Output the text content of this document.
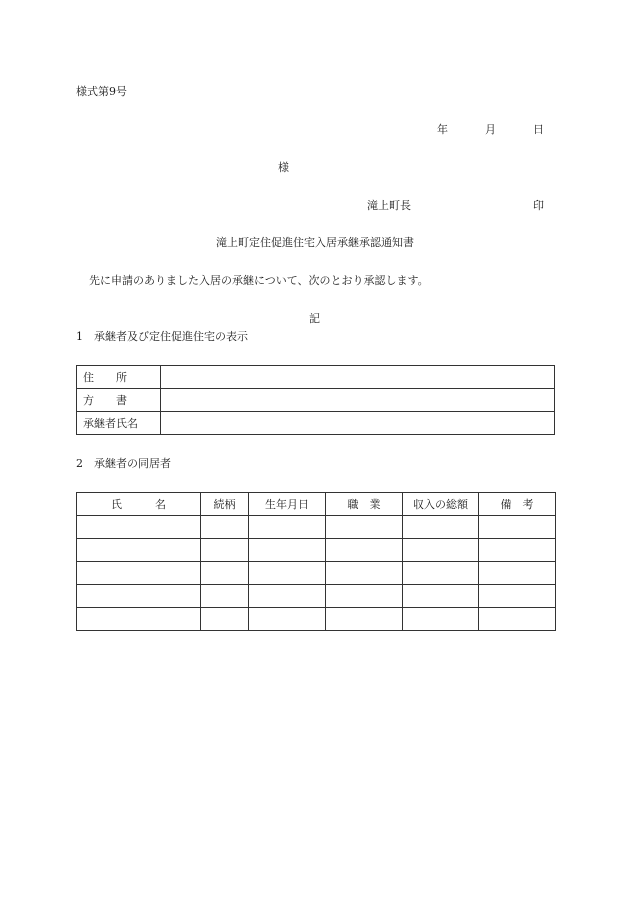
様式第9号
年	月	日
様
滝上町長	印
滝上町定住促進住宅入居承継承認通知書
先に申請のありました入居の承継について、次のとおり承認します。
記
1　承継者及び定住促進住宅の表示
住　　所	
方　　書	
承継者氏名	
2　承継者の同居者
氏　　　名	続柄	生年月日	職　業	収入の総額	備　考
